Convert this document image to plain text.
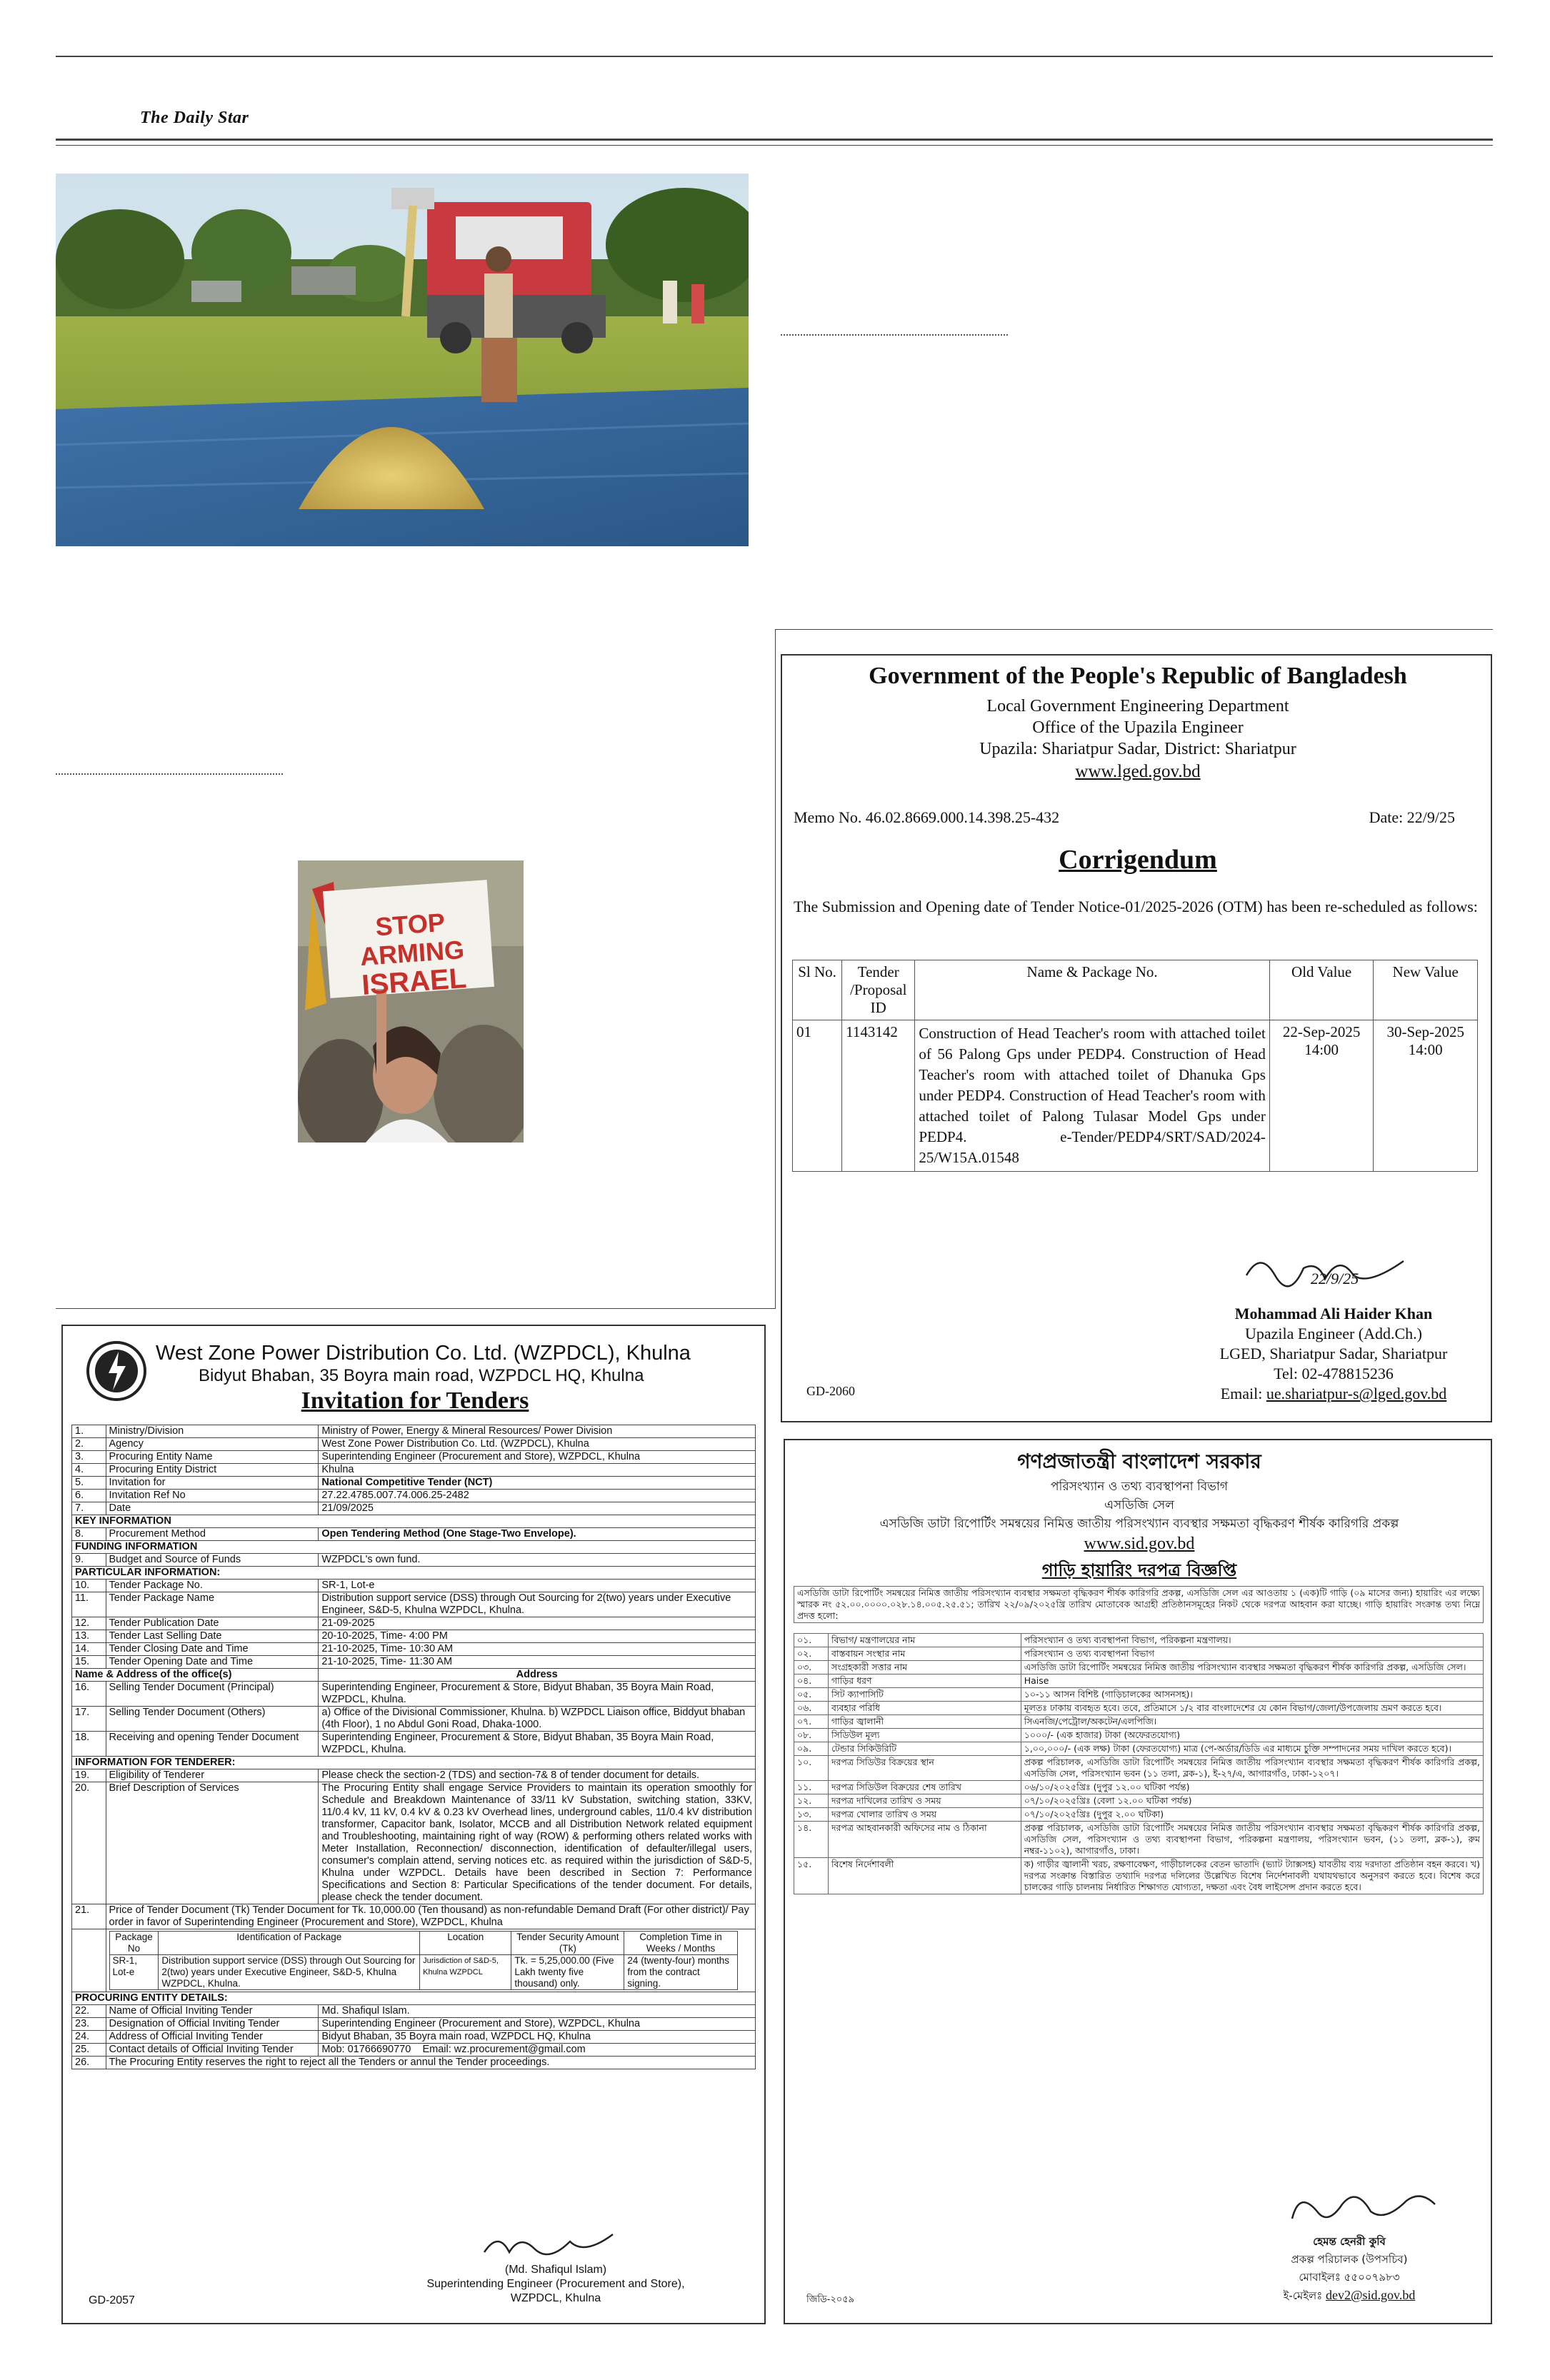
The Daily Star
STOP ARMING
ISRAEL
Government of the People's Republic of Bangladesh
Local Government Engineering Department
Office of the Upazila Engineer
Upazila: Shariatpur Sadar, District: Shariatpur
www.lged.gov.bd
Memo No. 46.02.8669.000.14.398.25-432	Date: 22/9/25
Corrigendum
The Submission and Opening date of Tender Notice-01/2025-2026 (OTM) has been re-scheduled as follows:
Sl No.	Tender /Proposal ID	Name & Package No.	Old Value	New Value
01	1143142	Construction of Head Teacher's room with attached toilet of 56 Palong Gps under PEDP4. Construction of Head Teacher's room with attached toilet of Dhanuka Gps under PEDP4. Construction of Head Teacher's room with attached toilet of Palong Tulasar Model Gps under PEDP4. e-Tender/PEDP4/SRT/SAD/2024-25/W15A.01548	22-Sep-2025 14:00	30-Sep-2025 14:00
22/9/25
Mohammad Ali Haider Khan
Upazila Engineer (Add.Ch.)
LGED, Shariatpur Sadar, Shariatpur
Tel: 02-478815236
Email: ue.shariatpur-s@lged.gov.bd
GD-2060
West Zone Power Distribution Co. Ltd. (WZPDCL), Khulna
Bidyut Bhaban, 35 Boyra main road, WZPDCL HQ, Khulna
Invitation for Tenders
1.	Ministry/Division	Ministry of Power, Energy & Mineral Resources/ Power Division
2.	Agency	West Zone Power Distribution Co. Ltd. (WZPDCL), Khulna
3.	Procuring Entity Name	Superintending Engineer (Procurement and Store), WZPDCL, Khulna
4.	Procuring Entity District	Khulna
5.	Invitation for	National Competitive Tender (NCT)
6.	Invitation Ref No	27.22.4785.007.74.006.25-2482
7.	Date	21/09/2025
KEY INFORMATION
8.	Procurement Method	Open Tendering Method (One Stage-Two Envelope).
FUNDING INFORMATION
9.	Budget and Source of Funds	WZPDCL's own fund.
PARTICULAR INFORMATION:
10.	Tender Package No.	SR-1, Lot-e
11.	Tender Package Name	Distribution support service (DSS) through Out Sourcing for 2(two) years under Executive Engineer, S&D-5, Khulna WZPDCL, Khulna.
12.	Tender Publication Date	21-09-2025
13.	Tender Last Selling Date	20-10-2025, Time- 4:00 PM
14.	Tender Closing Date and Time	21-10-2025, Time- 10:30 AM
15.	Tender Opening Date and Time	21-10-2025, Time- 11:30 AM
Name & Address of the office(s)	Address
16.	Selling Tender Document (Principal)	Superintending Engineer, Procurement & Store, Bidyut Bhaban, 35 Boyra Main Road, WZPDCL, Khulna.
17.	Selling Tender Document (Others)	a) Office of the Divisional Commissioner, Khulna. b) WZPDCL Liaison office, Biddyut bhaban (4th Floor), 1 no Abdul Goni Road, Dhaka-1000.
18.	Receiving and opening Tender Document	Superintending Engineer, Procurement & Store, Bidyut Bhaban, 35 Boyra Main Road, WZPDCL, Khulna.
INFORMATION FOR TENDERER:
19.	Eligibility of Tenderer	Please check the section-2 (TDS) and section-7& 8 of tender document for details.
20.	Brief Description of Services	The Procuring Entity shall engage Service Providers to maintain its operation smoothly for Schedule and Breakdown Maintenance of 33/11 kV Substation, switching station, 33KV, 11/0.4 kV, 11 kV, 0.4 kV & 0.23 kV Overhead lines, underground cables, 11/0.4 kV distribution transformer, Capacitor bank, Isolator, MCCB and all Distribution Network related equipment and Troubleshooting, maintaining right of way (ROW) & performing others related works with Meter Installation, Reconnection/ disconnection, identification of defaulter/illegal users, consumer's complain attend, serving notices etc. as required within the jurisdiction of S&D-5, Khulna under WZPDCL. Details have been described in Section 7: Performance Specifications and Section 8: Particular Specifications of the tender document. For details, please check the tender document.
21.	Price of Tender Document (Tk) Tender Document for Tk. 10,000.00 (Ten thousand) as non-refundable Demand Draft (For other district)/ Pay order in favor of Superintending Engineer (Procurement and Store), WZPDCL, Khulna

Package No	Identification of Package	Location	Tender Security Amount (Tk)	Completion Time in Weeks / Months
SR-1, Lot-e	Distribution support service (DSS) through Out Sourcing for 2(two) years under Executive Engineer, S&D-5, Khulna WZPDCL, Khulna.	Jurisdiction of S&D-5, Khulna WZPDCL	Tk. = 5,25,000.00 (Five Lakh twenty five thousand) only.	24 (twenty-four) months from the contract signing.

PROCURING ENTITY DETAILS:
22.	Name of Official Inviting Tender	Md. Shafiqul Islam.
23.	Designation of Official Inviting Tender	Superintending Engineer (Procurement and Store), WZPDCL, Khulna
24.	Address of Official Inviting Tender	Bidyut Bhaban, 35 Boyra main road, WZPDCL HQ, Khulna
25.	Contact details of Official Inviting Tender	Mob: 01766690770 Email: wz.procurement@gmail.com
26.	The Procuring Entity reserves the right to reject all the Tenders or annul the Tender proceedings.
(Md. Shafiqul Islam)
Superintending Engineer (Procurement and Store),
WZPDCL, Khulna
GD-2057
গণপ্রজাতন্ত্রী বাংলাদেশ সরকার
পরিসংখ্যান ও তথ্য ব্যবস্থাপনা বিভাগ
এসডিজি সেল
এসডিজি ডাটা রিপোর্টিং সমন্বয়ের নিমিত্ত জাতীয় পরিসংখ্যান ব্যবস্থার সক্ষমতা বৃদ্ধিকরণ শীর্ষক কারিগরি প্রকল্প
www.sid.gov.bd
গাড়ি হায়ারিং দরপত্র বিজ্ঞপ্তি
এসডিজি ডাটা রিপোর্টিং সমন্বয়ের নিমিত্ত জাতীয় পরিসংখ্যান ব্যবস্থার সক্ষমতা বৃদ্ধিকরণ শীর্ষক কারিগরি প্রকল্প, এসডিজি সেল এর আওতায় ১ (এক)টি গাড়ি (০৯ মাসের জন্য) হায়ারিং এর লক্ষ্যে স্মারক নং ৫২.০০.০০০০.০২৮.১৪.০০৫.২৫.৫১; তারিখ ২২/০৯/২০২৫খ্রি তারিখ মোতাবেক আগ্রহী প্রতিষ্ঠানসমূহের নিকট থেকে দরপত্র আহবান করা যাচ্ছে। গাড়ি হায়ারিং সংক্রান্ত তথ্য নিম্নে প্রদত্ত হলো:
০১.	বিভাগ/ মন্ত্রণালয়ের নাম	পরিসংখ্যান ও তথ্য ব্যবস্থাপনা বিভাগ, পরিকল্পনা মন্ত্রণালয়।
০২.	বাস্তবায়ন সংস্থার নাম	পরিসংখ্যান ও তথ্য ব্যবস্থাপনা বিভাগ
০৩.	সংগ্রহকারী সত্তার নাম	এসডিজি ডাটা রিপোর্টিং সমন্বয়ের নিমিত্ত জাতীয় পরিসংখ্যান ব্যবস্থার সক্ষমতা বৃদ্ধিকরণ শীর্ষক কারিগরি প্রকল্প, এসডিজি সেল।
০৪.	গাড়ির ধরণ	Haise
০৫.	সিট ক্যাপাসিটি	১০-১১ আসন বিশিষ্ট (গাড়িচালকের আসনসহ)।
০৬.	ব্যবহার পরিধি	মূলতঃ ঢাকায় ব্যবহৃত হবে। তবে, প্রতিমাসে ১/২ বার বাংলাদেশের যে কোন বিভাগ/জেলা/উপজেলায় ভ্রমণ করতে হবে।
০৭.	গাড়ির জ্বালানী	সিএনজি/পেট্রোল/অকটেন/এলপিজি।
০৮.	সিডিউল মূল্য	১০০০/- (এক হাজার) টাকা (অফেরতযোগ্য)
০৯.	টেন্ডার সিকিউরিটি	১,০০,০০০/- (এক লক্ষ) টাকা (ফেরতযোগ্য) মাত্র (পে-অর্ডার/ডিডি এর মাধ্যমে চুক্তি সম্পাদনের সময় দাখিল করতে হবে)।
১০.	দরপত্র সিডিউর বিক্রয়ের স্থান	প্রকল্প পরিচালক, এসডিজি ডাটা রিপোর্টিং সমন্বয়ের নিমিত্ত জাতীয় পরিসংখ্যান ব্যবস্থার সক্ষমতা বৃদ্ধিকরণ শীর্ষক কারিগরি প্রকল্প, এসডিজি সেল, পরিসংখ্যান ভবন (১১ তলা, ব্লক-১), ই-২৭/এ, আগারগাঁও, ঢাকা-১২০৭।
১১.	দরপত্র সিডিউল বিক্রয়ের শেষ তারিখ	০৬/১০/২০২৫খ্রিঃ (দুপুর ১২.০০ ঘটিকা পর্যন্ত)
১২.	দরপত্র দাখিলের তারিখ ও সময়	০৭/১০/২০২৫খ্রিঃ (বেলা ১২.০০ ঘটিকা পর্যন্ত)
১৩.	দরপত্র খোলার তারিখ ও সময়	০৭/১০/২০২৫খ্রিঃ (দুপুর ২.০০ ঘটিকা)
১৪.	দরপত্র আহবানকারী অফিসের নাম ও ঠিকানা	প্রকল্প পরিচালক, এসডিজি ডাটা রিপোর্টিং সমন্বয়ের নিমিত্ত জাতীয় পরিসংখ্যান ব্যবস্থার সক্ষমতা বৃদ্ধিকরণ শীর্ষক কারিগরি প্রকল্প, এসডিজি সেল, পরিসংখ্যান ও তথ্য ব্যবস্থাপনা বিভাগ, পরিকল্পনা মন্ত্রণালয়, পরিসংখ্যান ভবন, (১১ তলা, ব্লক-১), রুম নম্বর-১১০২), আগারগাঁও, ঢাকা।
১৫.	বিশেষ নির্দেশাবলী	ক) গাড়ীর জ্বালানী খরচ, রক্ষণাবেক্ষণ, গাড়ীচালকের বেতন ভাতাদি (ভ্যাট ট্যাক্সসহ) যাবতীয় ব্যয় দরদাতা প্রতিষ্ঠান বহন করবে। খ) দরপত্র সংক্রান্ত বিস্তারিত তথ্যাদি দরপত্র দলিলের উল্লেখিত বিশেষ নির্দেশনাবলী যথাযথভাবে অনুসরণ করতে হবে। বিশেষ করে চালকের গাড়ি চালনায় নির্ধারিত শিক্ষাগত যোগ্যতা, দক্ষতা এবং বৈধ লাইসেন্স প্রদান করতে হবে।
হেমন্ত হেনরী কুবি
প্রকল্প পরিচালক (উপসচিব)
মোবাইলঃ ৫৫০০৭৯৮৩
ই-মেইলঃ dev2@sid.gov.bd
জিডি-২০৫৯
